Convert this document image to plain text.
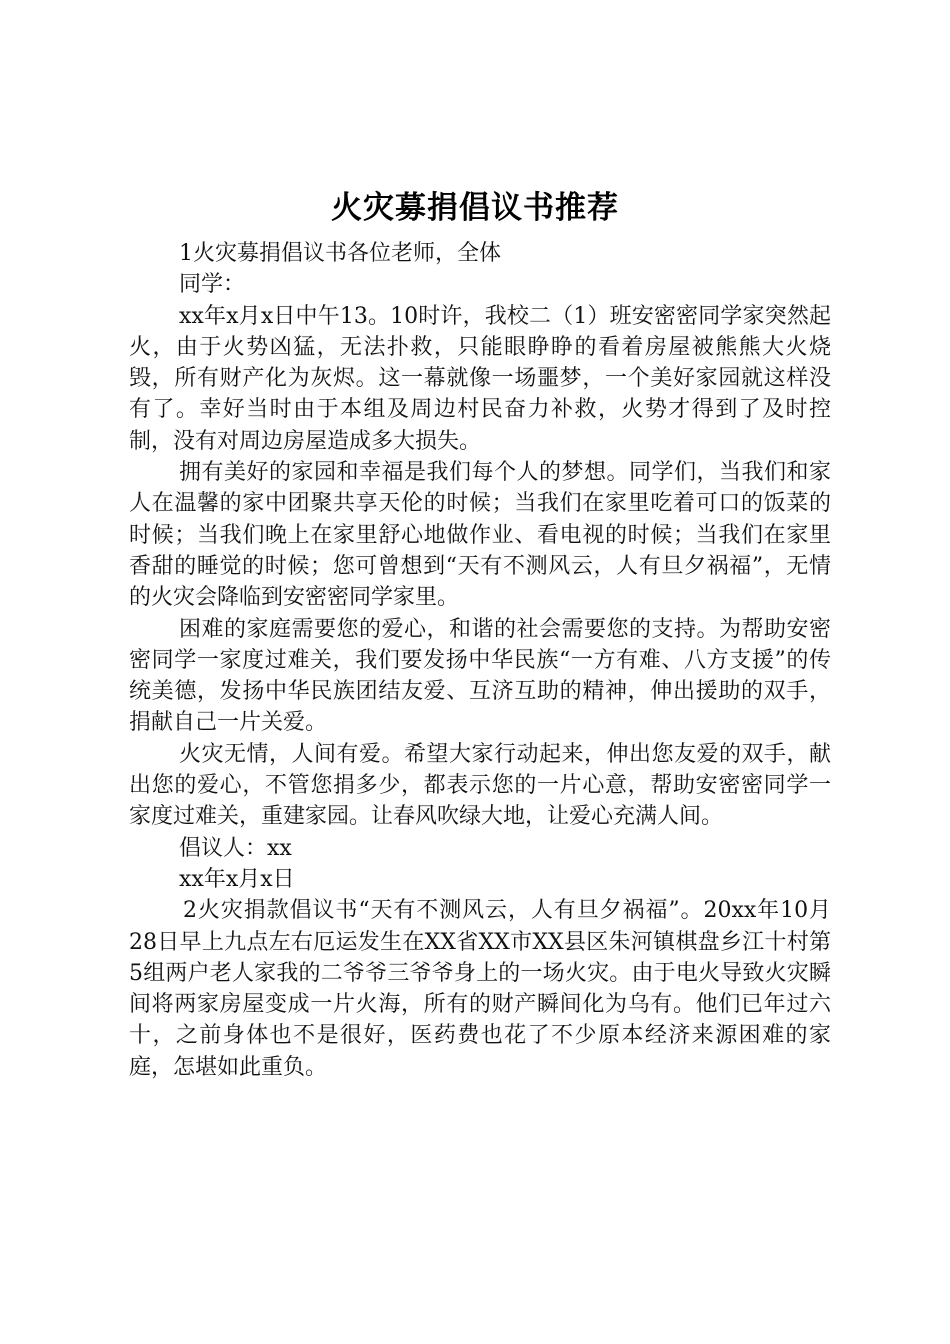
火灾募捐倡议书推荐

1火灾募捐倡议书各位老师，全体

同学：

xx年x月x日中午13。10时许，我校二（1）班安密密同学家突然起火，由于火势凶猛，无法扑救，只能眼睁睁的看着房屋被熊熊大火烧毁，所有财产化为灰烬。这一幕就像一场噩梦，一个美好家园就这样没有了。幸好当时由于本组及周边村民奋力补救，火势才得到了及时控制，没有对周边房屋造成多大损失。

拥有美好的家园和幸福是我们每个人的梦想。同学们，当我们和家人在温馨的家中团聚共享天伦的时候；当我们在家里吃着可口的饭菜的时候；当我们晚上在家里舒心地做作业、看电视的时候；当我们在家里香甜的睡觉的时候；您可曾想到“天有不测风云，人有旦夕祸福”，无情的火灾会降临到安密密同学家里。

困难的家庭需要您的爱心，和谐的社会需要您的支持。为帮助安密密同学一家度过难关，我们要发扬中华民族“一方有难、八方支援”的传统美德，发扬中华民族团结友爱、互济互助的精神，伸出援助的双手，捐献自己一片关爱。

火灾无情，人间有爱。希望大家行动起来，伸出您友爱的双手，献出您的爱心，不管您捐多少，都表示您的一片心意，帮助安密密同学一家度过难关，重建家园。让春风吹绿大地，让爱心充满人间。

倡议人：xx

xx年x月x日

2火灾捐款倡议书“天有不测风云，人有旦夕祸福”。20xx年10月28日早上九点左右厄运发生在XX省XX市XX县区朱河镇棋盘乡江十村第5组两户老人家我的二爷爷三爷爷身上的一场火灾。由于电火导致火灾瞬间将两家房屋变成一片火海，所有的财产瞬间化为乌有。他们已年过六十，之前身体也不是很好，医药费也花了不少原本经济来源困难的家庭，怎堪如此重负。
